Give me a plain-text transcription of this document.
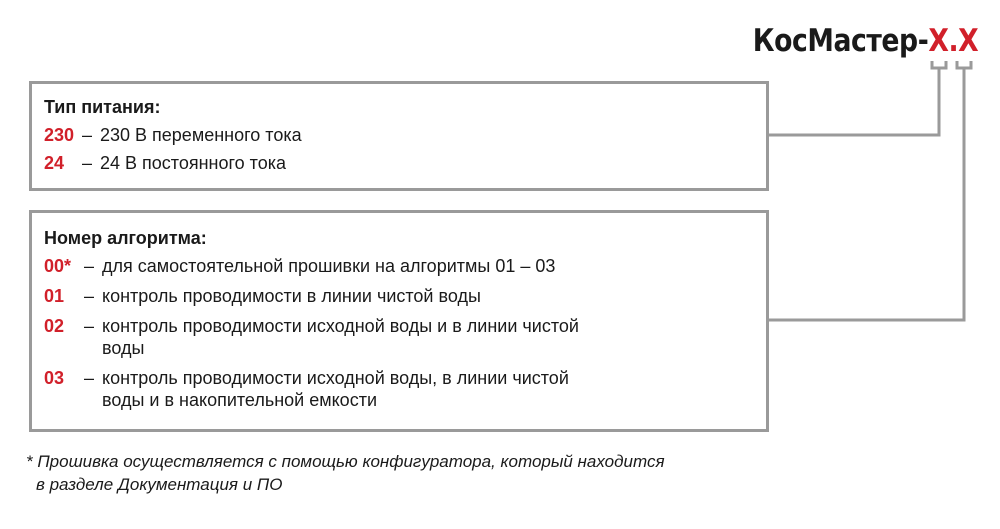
КосМастер-X.X
Тип питания:
230 – 230 В переменного тока
24 – 24 В постоянного тока
Номер алгоритма:
00* – для самостоятельной прошивки на алгоритмы 01 – 03
01	– контроль проводимости в линии чистой воды
02	– контроль проводимости исходной воды и в линии чистой
воды
03	– контроль проводимости исходной воды, в линии чистой
воды и в накопительной емкости
* Прошивка осуществляется с помощью конфигуратора, который находится
в разделе Документация и ПО
